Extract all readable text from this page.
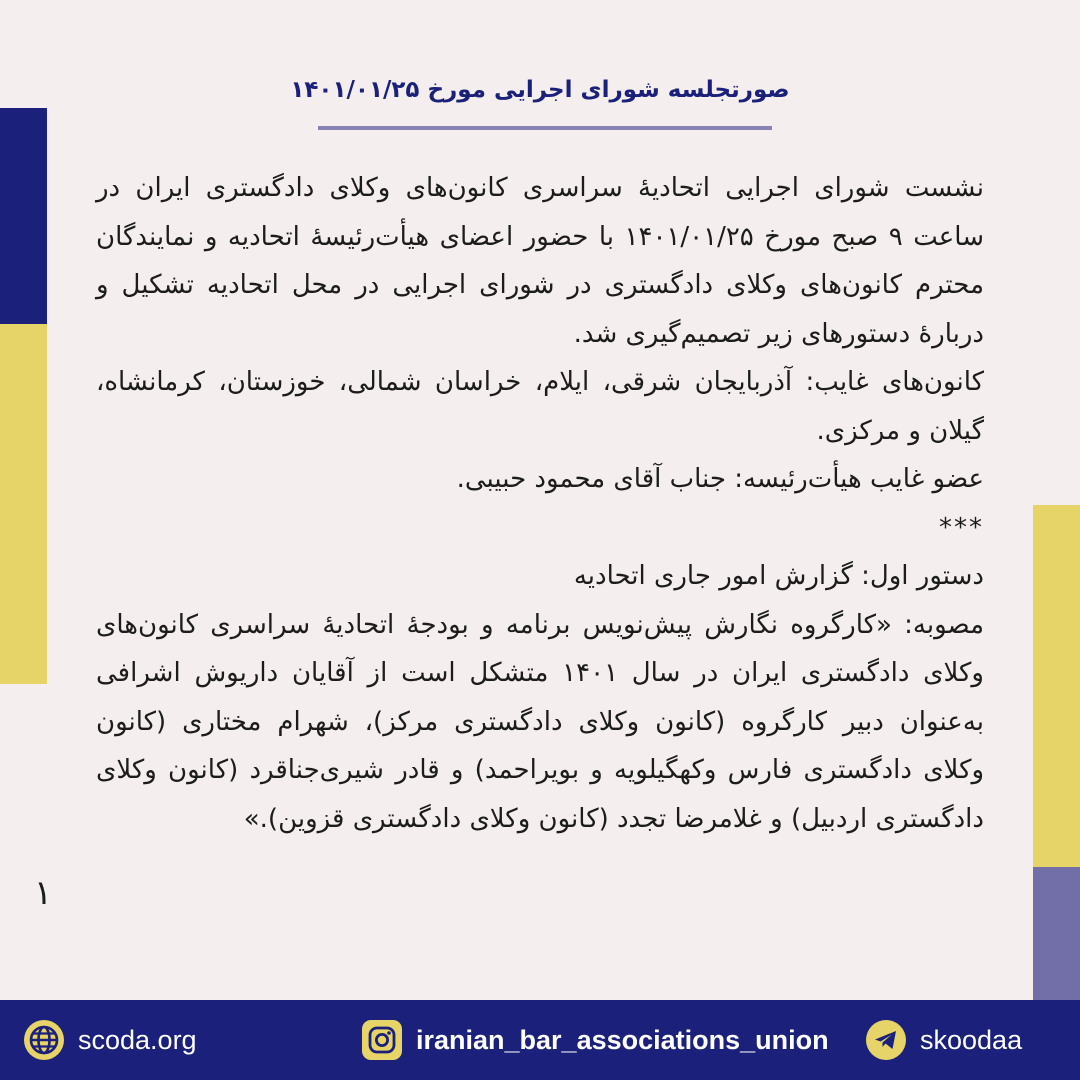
صورتجلسه شورای اجرایی مورخ ۱۴۰۱/۰۱/۲۵

نشست شورای اجرایی اتحادیهٔ سراسری کانون‌های وکلای دادگستری ایران در ساعت ۹ صبح مورخ ۱۴۰۱/۰۱/۲۵ با حضور اعضای هیأت‌رئیسهٔ اتحادیه و نمایندگان محترم کانون‌های وکلای دادگستری در شورای اجرایی در محل اتحادیه تشکیل و دربارهٔ دستورهای زیر تصمیم‌گیری شد.

کانون‌های غایب: آذربایجان شرقی، ایلام، خراسان شمالی، خوزستان، کرمانشاه، گیلان و مرکزی.

عضو غایب هیأت‌رئیسه: جناب آقای محمود حبیبی.

***

دستور اول: گزارش امور جاری اتحادیه

مصوبه: «کارگروه نگارش پیش‌نویس برنامه و بودجهٔ اتحادیهٔ سراسری کانون‌های وکلای دادگستری ایران در سال ۱۴۰۱ متشکل است از آقایان داریوش اشرافی به‌عنوان دبیر کارگروه (کانون وکلای دادگستری مرکز)، شهرام مختاری (کانون وکلای دادگستری فارس وکهگیلویه و بویراحمد) و قادر شیری‌جناقرد (کانون وکلای دادگستری اردبیل) و غلامرضا تجدد (کانون وکلای دادگستری قزوین).»

۱
scoda.org	iranian_bar_associations_union	skoodaa
